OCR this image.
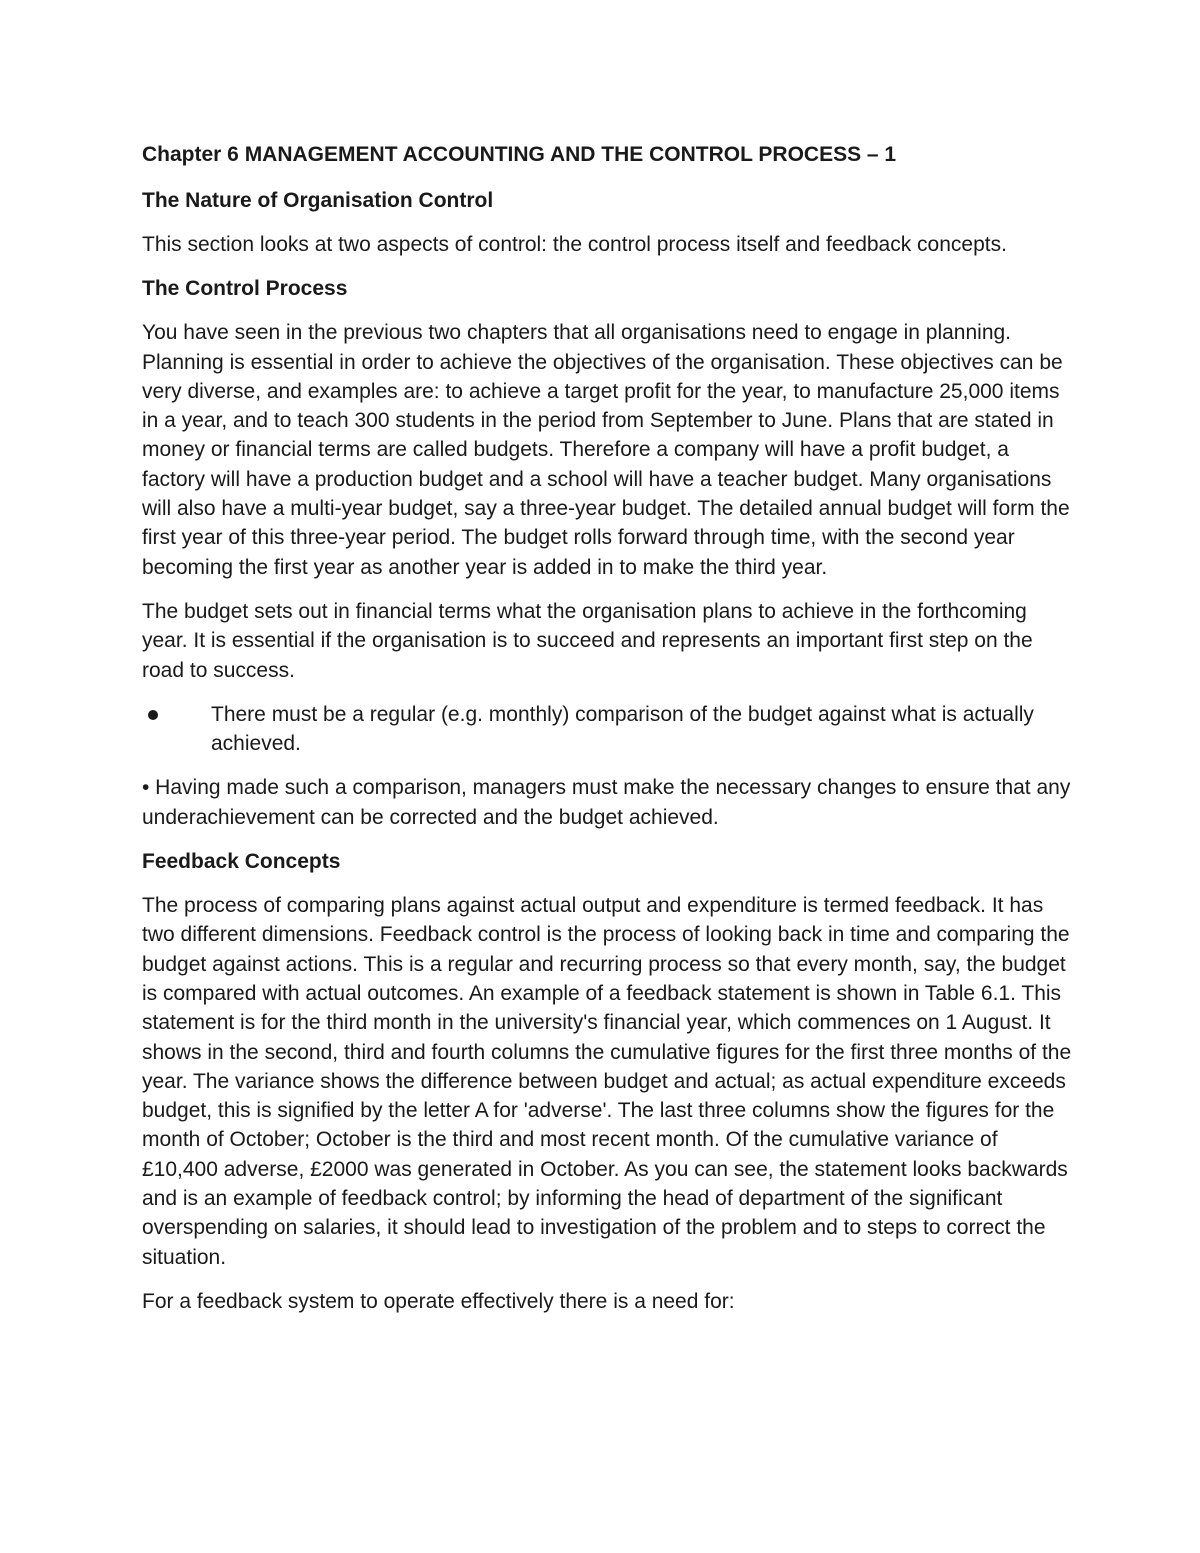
Chapter 6 MANAGEMENT ACCOUNTING AND THE CONTROL PROCESS – 1
The Nature of Organisation Control

This section looks at two aspects of control: the control process itself and feedback concepts.

The Control Process

You have seen in the previous two chapters that all organisations need to engage in planning. Planning is essential in order to achieve the objectives of the organisation. These objectives can be very diverse, and examples are: to achieve a target profit for the year, to manufacture 25,000 items in a year, and to teach 300 students in the period from September to June. Plans that are stated in money or financial terms are called budgets. Therefore a company will have a profit budget, a factory will have a production budget and a school will have a teacher budget. Many organisations will also have a multi-year budget, say a three-year budget. The detailed annual budget will form the first year of this three-year period. The budget rolls forward through time, with the second year becoming the first year as another year is added in to make the third year.

The budget sets out in financial terms what the organisation plans to achieve in the forthcoming year. It is essential if the organisation is to succeed and represents an important first step on the road to success.

There must be a regular (e.g. monthly) comparison of the budget against what is actually achieved.

• Having made such a comparison, managers must make the necessary changes to ensure that any underachievement can be corrected and the budget achieved.

Feedback Concepts

The process of comparing plans against actual output and expenditure is termed feedback. It has two different dimensions. Feedback control is the process of looking back in time and comparing the budget against actions. This is a regular and recurring process so that every month, say, the budget is compared with actual outcomes. An example of a feedback statement is shown in Table 6.1. This statement is for the third month in the university's financial year, which commences on 1 August. It shows in the second, third and fourth columns the cumulative figures for the first three months of the year. The variance shows the difference between budget and actual; as actual expenditure exceeds budget, this is signified by the letter A for 'adverse'. The last three columns show the figures for the month of October; October is the third and most recent month. Of the cumulative variance of £10,400 adverse, £2000 was generated in October. As you can see, the statement looks backwards and is an example of feedback control; by informing the head of department of the significant overspending on salaries, it should lead to investigation of the problem and to steps to correct the situation.

For a feedback system to operate effectively there is a need for:
